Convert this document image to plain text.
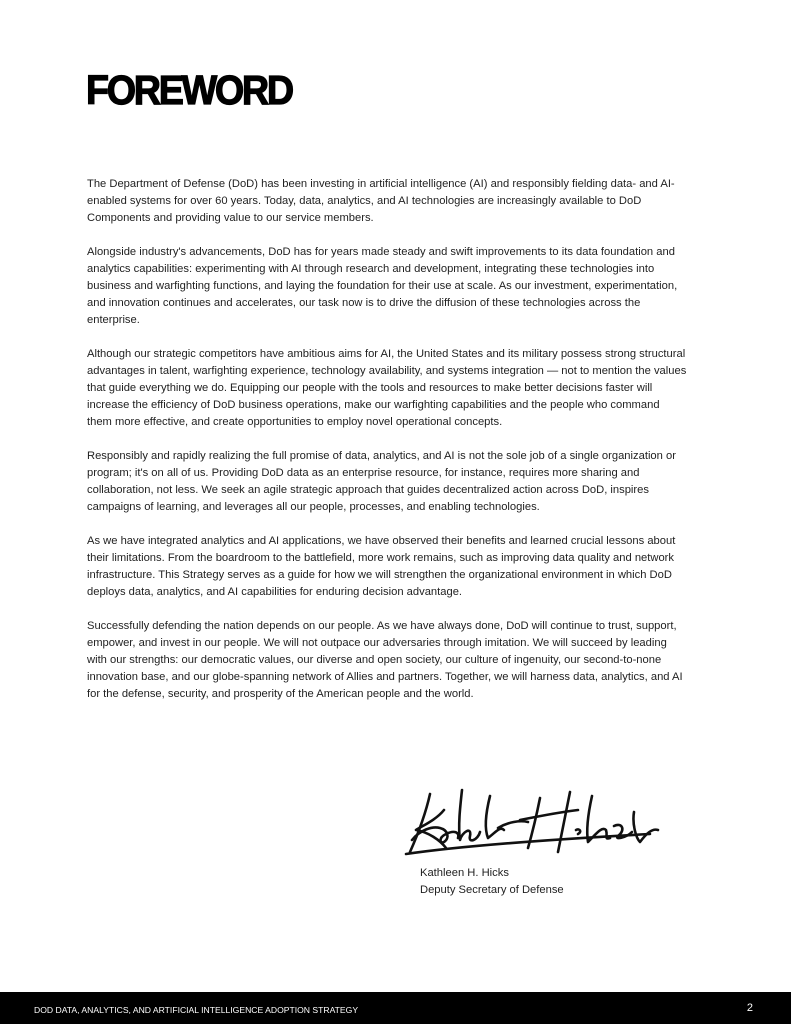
FOREWORD

The Department of Defense (DoD) has been investing in artificial intelligence (AI) and responsibly fielding data- and AI-enabled systems for over 60 years. Today, data, analytics, and AI technologies are increasingly available to DoD Components and providing value to our service members.

Alongside industry's advancements, DoD has for years made steady and swift improvements to its data foundation and analytics capabilities: experimenting with AI through research and development, integrating these technologies into business and warfighting functions, and laying the foundation for their use at scale. As our investment, experimentation, and innovation continues and accelerates, our task now is to drive the diffusion of these technologies across the enterprise.

Although our strategic competitors have ambitious aims for AI, the United States and its military possess strong structural advantages in talent, warfighting experience, technology availability, and systems integration — not to mention the values that guide everything we do. Equipping our people with the tools and resources to make better decisions faster will increase the efficiency of DoD business operations, make our warfighting capabilities and the people who command them more effective, and create opportunities to employ novel operational concepts.

Responsibly and rapidly realizing the full promise of data, analytics, and AI is not the sole job of a single organization or program; it's on all of us. Providing DoD data as an enterprise resource, for instance, requires more sharing and collaboration, not less. We seek an agile strategic approach that guides decentralized action across DoD, inspires campaigns of learning, and leverages all our people, processes, and enabling technologies.

As we have integrated analytics and AI applications, we have observed their benefits and learned crucial lessons about their limitations. From the boardroom to the battlefield, more work remains, such as improving data quality and network infrastructure. This Strategy serves as a guide for how we will strengthen the organizational environment in which DoD deploys data, analytics, and AI capabilities for enduring decision advantage.

Successfully defending the nation depends on our people. As we have always done, DoD will continue to trust, support, empower, and invest in our people. We will not outpace our adversaries through imitation. We will succeed by leading with our strengths: our democratic values, our diverse and open society, our culture of ingenuity, our second-to-none innovation base, and our globe-spanning network of Allies and partners. Together, we will harness data, analytics, and AI for the defense, security, and prosperity of the American people and the world.

Kathleen H. Hicks
Deputy Secretary of Defense
DOD DATA, ANALYTICS, AND ARTIFICIAL INTELLIGENCE ADOPTION STRATEGY	2
